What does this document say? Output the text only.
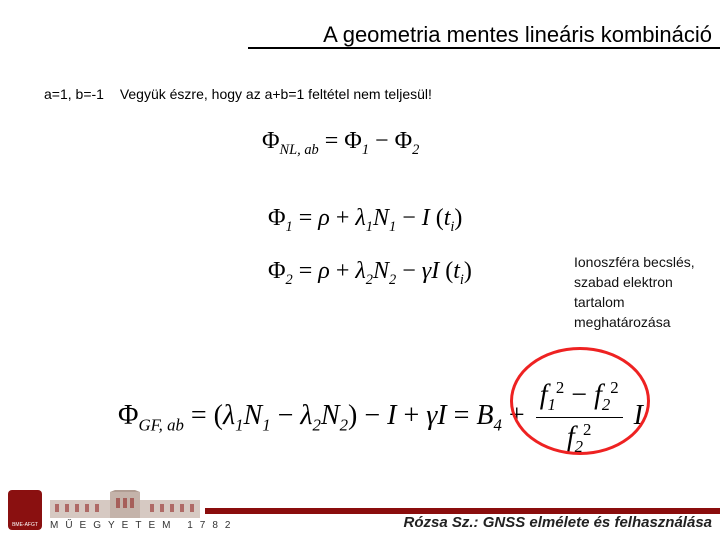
A geometria mentes lineáris kombináció
a=1, b=-1 Vegyük észre, hogy az a+b=1 feltétel nem teljesül!
$\Phi_{NL, ab} = \Phi_1 - \Phi_2$
$\Phi_1 = \rho + \lambda_1N_1 - I$ $(t_i)$
$\Phi_2 = \rho + \lambda_2N_2 - \gamma I$ $(t_i)$
$\Phi_{GF, ab} = (\lambda_1N_1 - \lambda_2N_2) - I + \gamma I = B_4 + \frac{f_1^2 - f_2^2}{f_2^2}$ I
Ionoszféra becslés,
szabad elektron
tartalom
meghatározása
BME-AFGT	MŰEGYETEM 1782	Rózsa Sz.: GNSS elmélete és felhasználása
